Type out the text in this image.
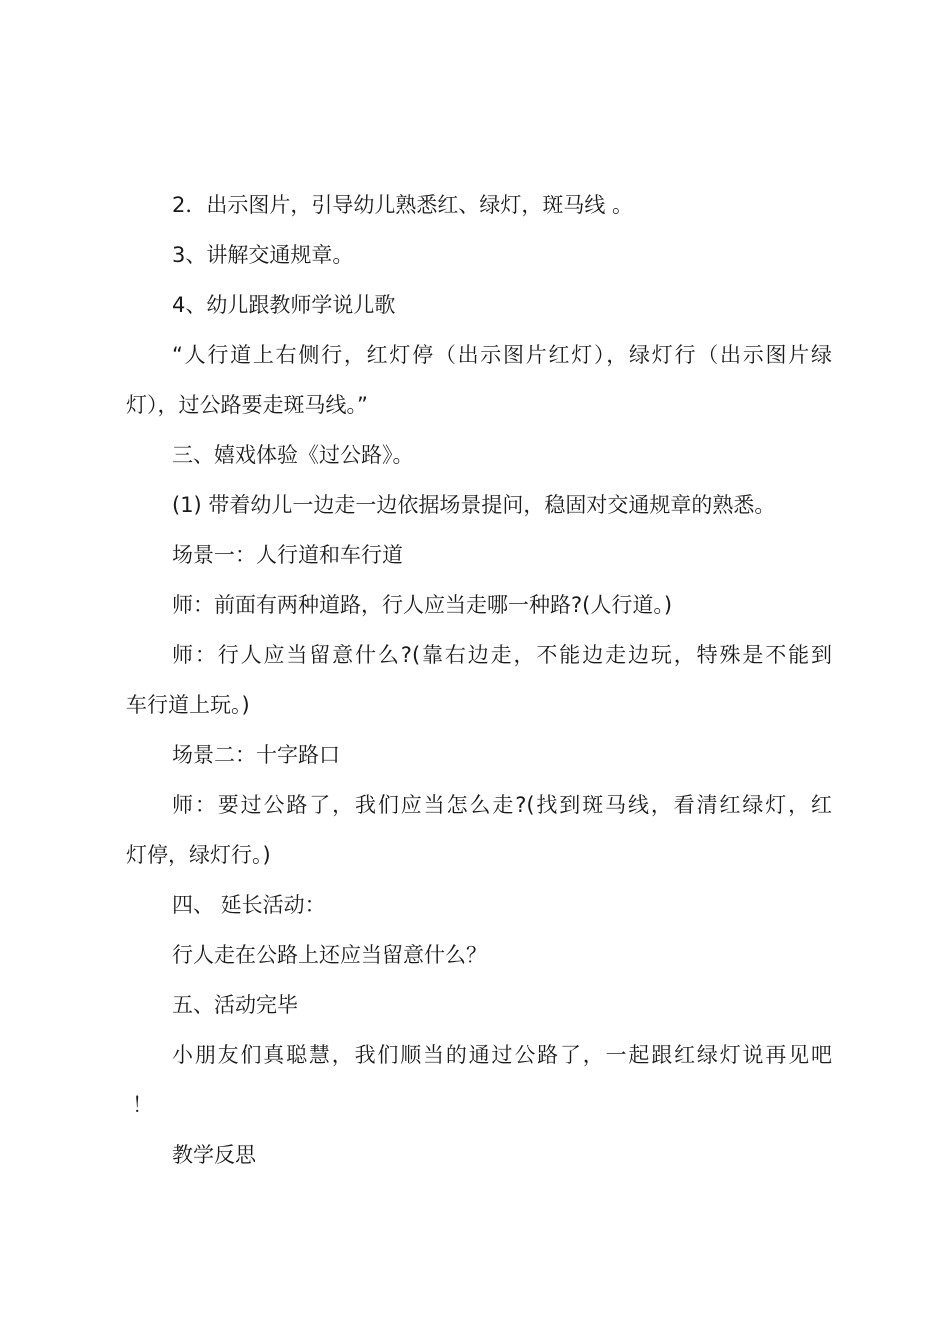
2．出示图片，引导幼儿熟悉红、绿灯，斑马线 。
3、讲解交通规章。
4、幼儿跟教师学说儿歌
“人行道上右侧行，红灯停（出示图片红灯），绿灯行（出示图片绿
灯），过公路要走斑马线。”
三、嬉戏体验《过公路》。
(1) 带着幼儿一边走一边依据场景提问，稳固对交通规章的熟悉。
场景一：人行道和车行道
师：前面有两种道路，行人应当走哪一种路?(人行道。)
师：行人应当留意什么?(靠右边走，不能边走边玩，特殊是不能到
车行道上玩。)
场景二：十字路口
师：要过公路了，我们应当怎么走?(找到斑马线，看清红绿灯，红
灯停，绿灯行。)
四、 延长活动：
行人走在公路上还应当留意什么？
五、活动完毕
小朋友们真聪慧，我们顺当的通过公路了，一起跟红绿灯说再见吧
！
教学反思
